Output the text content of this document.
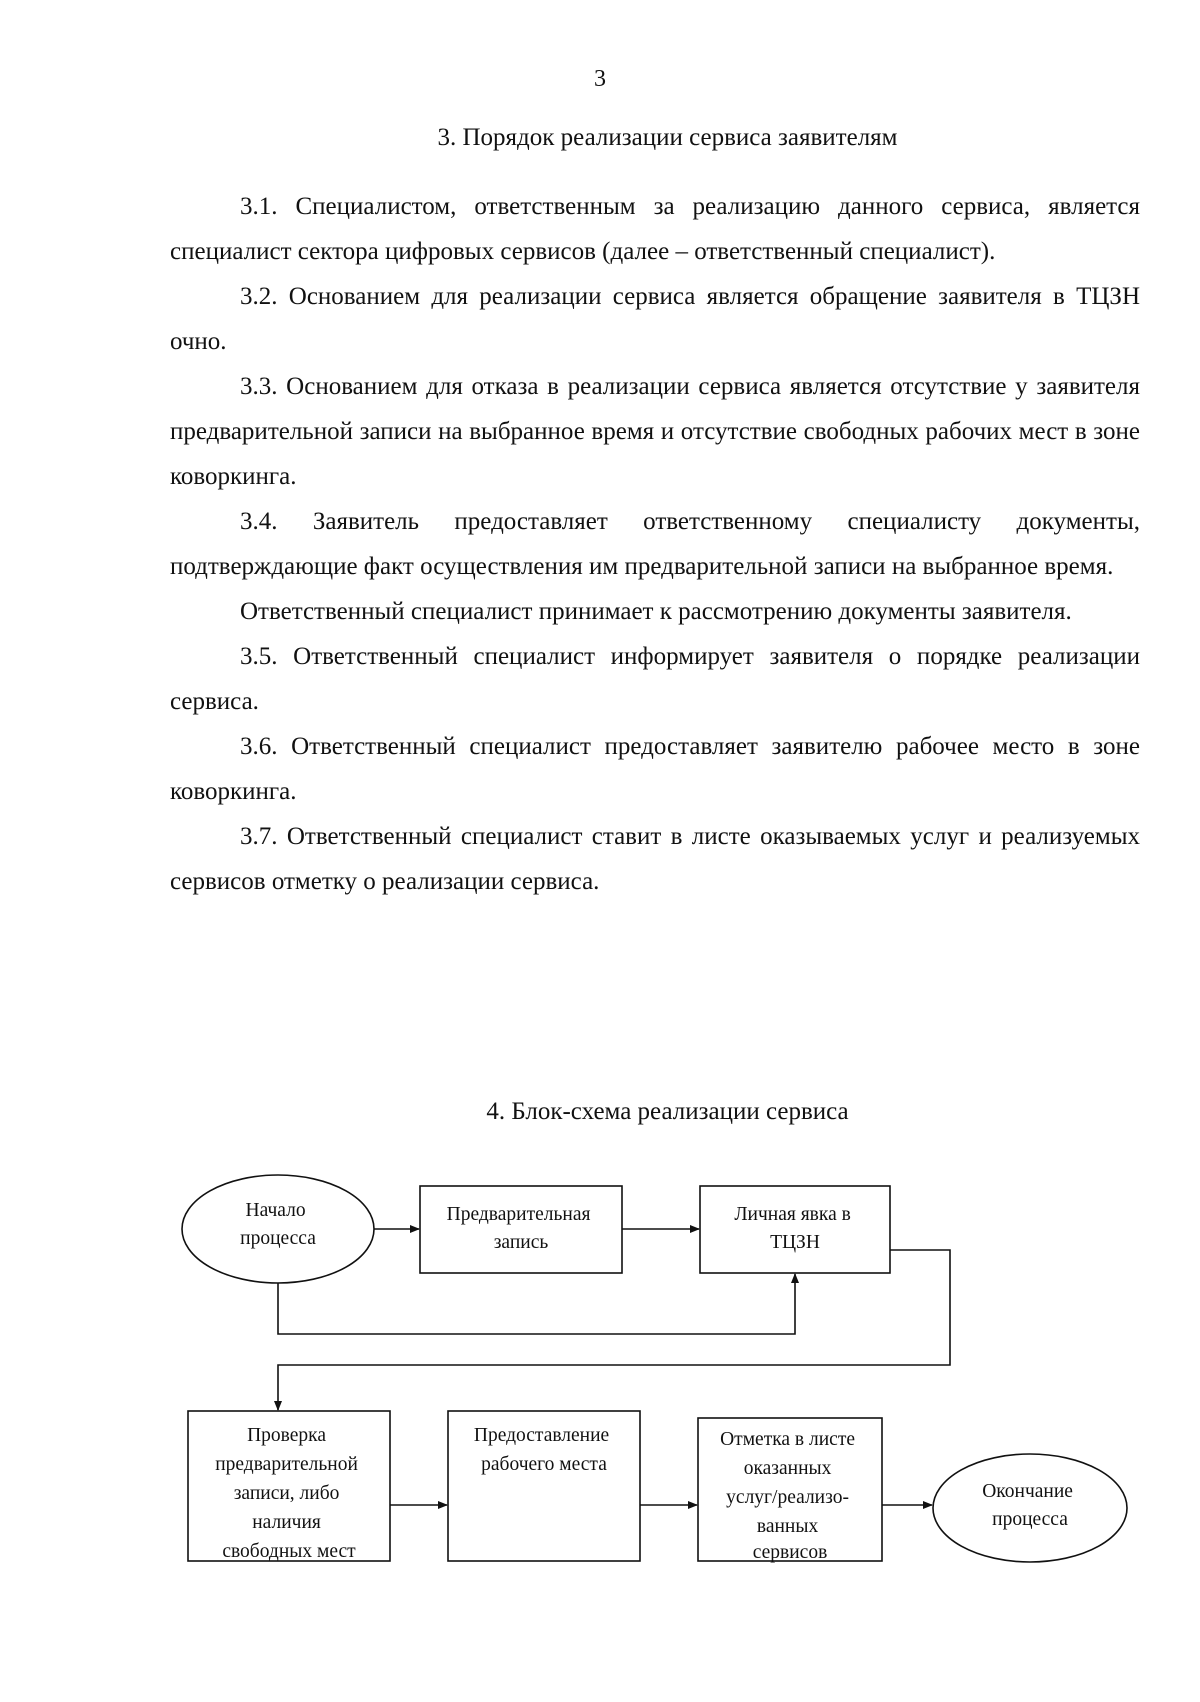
3
3. Порядок реализации сервиса заявителям

3.1. Специалистом, ответственным за реализацию данного сервиса, является специалист сектора цифровых сервисов (далее – ответственный специалист).

3.2. Основанием для реализации сервиса является обращение заявителя в ТЦЗН очно.

3.3. Основанием для отказа в реализации сервиса является отсутствие у заявителя предварительной записи на выбранное время и отсутствие свободных рабочих мест в зоне коворкинга.

3.4. Заявитель предоставляет ответственному специалисту документы, подтверждающие факт осуществления им предварительной записи на выбранное время.

Ответственный специалист принимает к рассмотрению документы заявителя.

3.5. Ответственный специалист информирует заявителя о порядке реализации сервиса.

3.6. Ответственный специалист предоставляет заявителю рабочее место в зоне коворкинга.

3.7. Ответственный специалист ставит в листе оказываемых услуг и реализуемых сервисов отметку о реализации сервиса.

4. Блок-схема реализации сервиса
Начало процесса
Предварительная запись
Личная явка в ТЦЗН
Проверка предварительной записи, либо наличия свободных мест
Предоставление рабочего места
Отметка в листе оказанных услуг/реализо- ванных сервисов
Окончание процесса
